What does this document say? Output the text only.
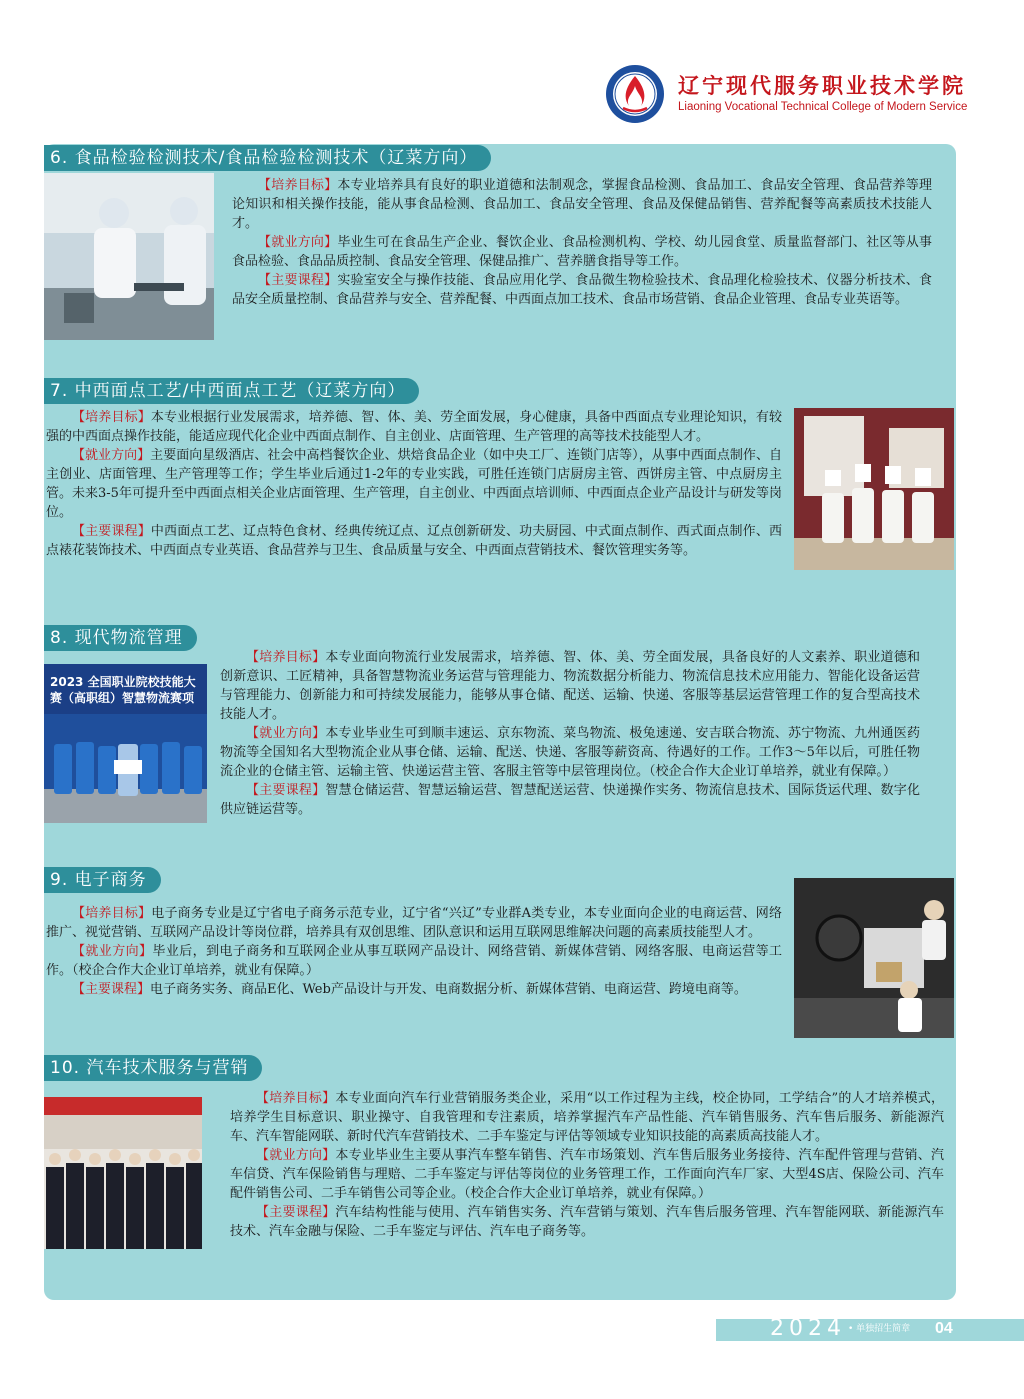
辽宁现代服务职业技术学院
Liaoning Vocational Technical College of Modern Service
6. 食品检验检测技术/食品检验检测技术（辽菜方向）

【培养目标】本专业培养具有良好的职业道德和法制观念，掌握食品检测、食品加工、食品安全管理、食品营养等理论知识和相关操作技能，能从事食品检测、食品加工、食品安全管理、食品及保健品销售、营养配餐等高素质技术技能人才。

【就业方向】毕业生可在食品生产企业、餐饮企业、食品检测机构、学校、幼儿园食堂、质量监督部门、社区等从事食品检验、食品品质控制、食品安全管理、保健品推广、营养膳食指导等工作。

【主要课程】实验室安全与操作技能、食品应用化学、食品微生物检验技术、食品理化检验技术、仪器分析技术、食品安全质量控制、食品营养与安全、营养配餐、中西面点加工技术、食品市场营销、食品企业管理、食品专业英语等。

7. 中西面点工艺/中西面点工艺（辽菜方向）

【培养目标】本专业根据行业发展需求，培养德、智、体、美、劳全面发展，身心健康，具备中西面点专业理论知识，有较强的中西面点操作技能，能适应现代化企业中西面点制作、自主创业、店面管理、生产管理的高等技术技能型人才。

【就业方向】主要面向星级酒店、社会中高档餐饮企业、烘焙食品企业（如中央工厂、连锁门店等），从事中西面点制作、自主创业、店面管理、生产管理等工作；学生毕业后通过1-2年的专业实践，可胜任连锁门店厨房主管、西饼房主管、中点厨房主管。未来3-5年可提升至中西面点相关企业店面管理、生产管理，自主创业、中西面点培训师、中西面点企业产品设计与研发等岗位。

【主要课程】中西面点工艺、辽点特色食材、经典传统辽点、辽点创新研发、功夫厨园、中式面点制作、西式面点制作、西点裱花装饰技术、中西面点专业英语、食品营养与卫生、食品质量与安全、中西面点营销技术、餐饮管理实务等。

8. 现代物流管理
2023 全国职业院校技能大赛（高职组）智慧物流赛项

【培养目标】本专业面向物流行业发展需求，培养德、智、体、美、劳全面发展，具备良好的人文素养、职业道德和创新意识、工匠精神，具备智慧物流业务运营与管理能力、物流数据分析能力、物流信息技术应用能力、智能化设备运营与管理能力、创新能力和可持续发展能力，能够从事仓储、配送、运输、快递、客服等基层运营管理工作的复合型高技术技能人才。

【就业方向】本专业毕业生可到顺丰速运、京东物流、菜鸟物流、极兔速递、安吉联合物流、苏宁物流、九州通医药物流等全国知名大型物流企业从事仓储、运输、配送、快递、客服等薪资高、待遇好的工作。工作3～5年以后，可胜任物流企业的仓储主管、运输主管、快递运营主管、客服主管等中层管理岗位。（校企合作大企业订单培养，就业有保障。）

【主要课程】智慧仓储运营、智慧运输运营、智慧配送运营、快递操作实务、物流信息技术、国际货运代理、数字化供应链运营等。

9. 电子商务

【培养目标】电子商务专业是辽宁省电子商务示范专业，辽宁省“兴辽”专业群A类专业，本专业面向企业的电商运营、网络推广、视觉营销、互联网产品设计等岗位群，培养具有双创思维、团队意识和运用互联网思维解决问题的高素质技能型人才。

【就业方向】毕业后，到电子商务和互联网企业从事互联网产品设计、网络营销、新媒体营销、网络客服、电商运营等工作。（校企合作大企业订单培养，就业有保障。）

【主要课程】电子商务实务、商品E化、Web产品设计与开发、电商数据分析、新媒体营销、电商运营、跨境电商等。

10. 汽车技术服务与营销

【培养目标】本专业面向汽车行业营销服务类企业，采用“以工作过程为主线，校企协同，工学结合”的人才培养模式，培养学生目标意识、职业操守、自我管理和专注素质，培养掌握汽车产品性能、汽车销售服务、汽车售后服务、新能源汽车、汽车智能网联、新时代汽车营销技术、二手车鉴定与评估等领域专业知识技能的高素质高技能人才。

【就业方向】本专业毕业生主要从事汽车整车销售、汽车市场策划、汽车售后服务业务接待、汽车配件管理与营销、汽车信贷、汽车保险销售与理赔、二手车鉴定与评估等岗位的业务管理工作，工作面向汽车厂家、大型4S店、保险公司、汽车配件销售公司、二手车销售公司等企业。（校企合作大企业订单培养，就业有保障。）

【主要课程】汽车结构性能与使用、汽车销售实务、汽车营销与策划、汽车售后服务管理、汽车智能网联、新能源汽车技术、汽车金融与保险、二手车鉴定与评估、汽车电子商务等。

2024 • 单独招生简章 04
